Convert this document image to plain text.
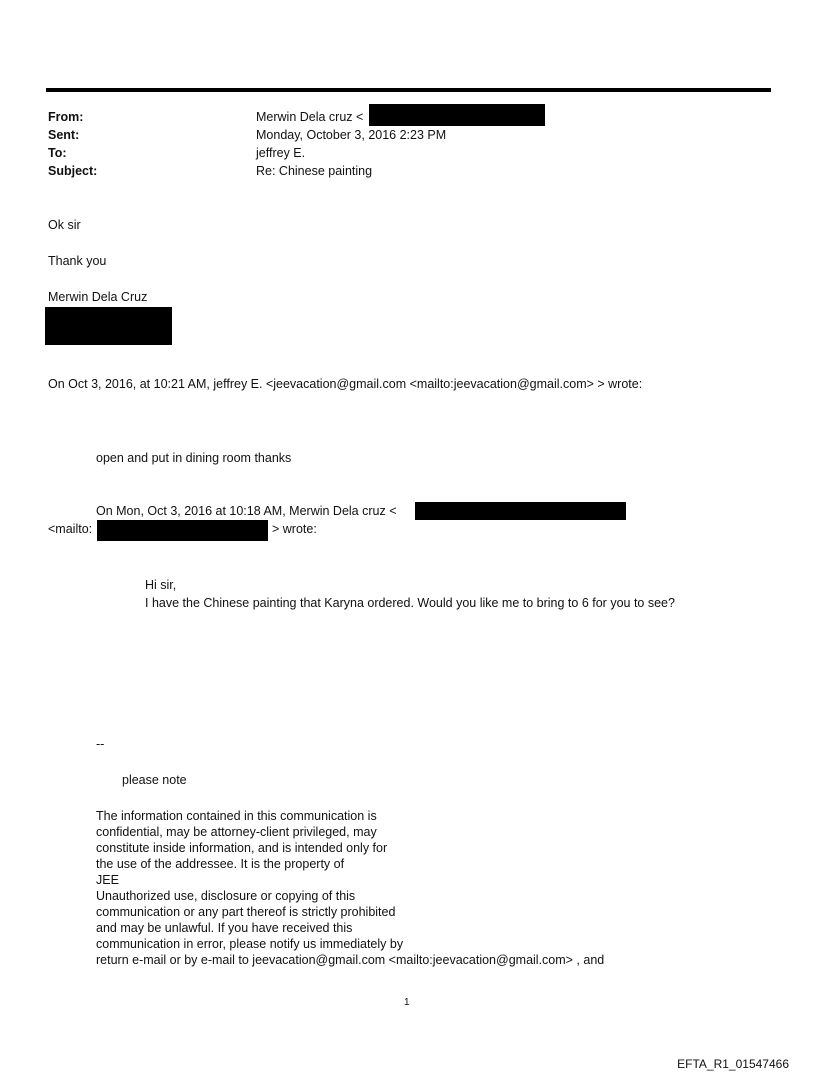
From:	Merwin Dela cruz <
Sent:	Monday, October 3, 2016 2:23 PM
To:	jeffrey E.
Subject:	Re: Chinese painting
Ok sir
Thank you
Merwin Dela Cruz
On Oct 3, 2016, at 10:21 AM, jeffrey E. <jeevacation@gmail.com <mailto:jeevacation@gmail.com> > wrote:
open and put in dining room thanks
On Mon, Oct 3, 2016 at 10:18 AM, Merwin Dela cruz <
<mailto:	> wrote:
Hi sir,
I have the Chinese painting that Karyna ordered. Would you like me to bring to 6 for you to see?
--
please note
The information contained in this communication is
confidential, may be attorney-client privileged, may
constitute inside information, and is intended only for
the use of the addressee. It is the property of
JEE
Unauthorized use, disclosure or copying of this
communication or any part thereof is strictly prohibited
and may be unlawful. If you have received this
communication in error, please notify us immediately by
return e-mail or by e-mail to jeevacation@gmail.com <mailto:jeevacation@gmail.com> , and
1
EFTA_R1_01547466
